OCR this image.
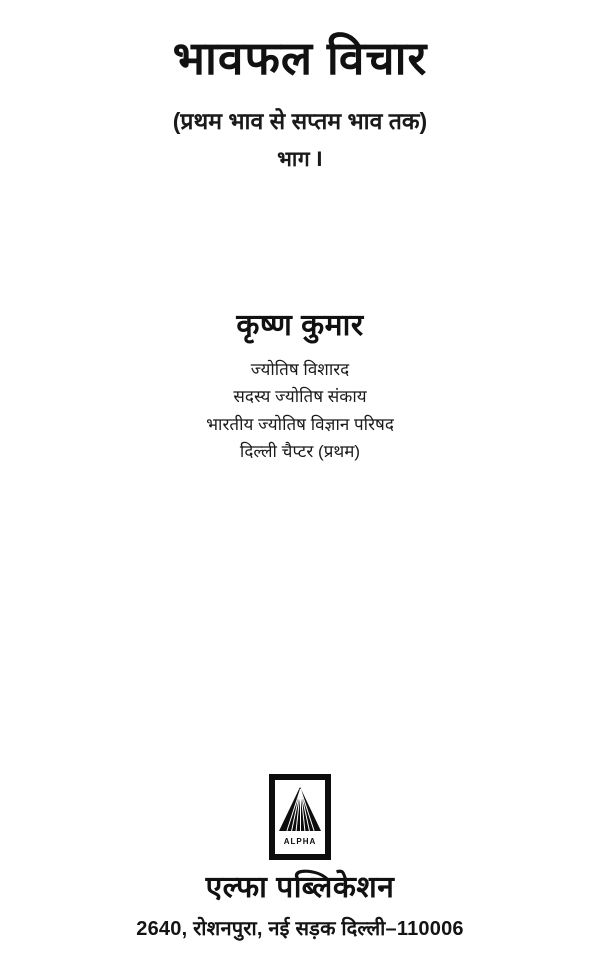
भावफल विचार
(प्रथम भाव से सप्तम भाव तक)
भाग I
कृष्ण कुमार
ज्योतिष विशारद
सदस्य ज्योतिष संकाय
भारतीय ज्योतिष विज्ञान परिषद
दिल्ली चैप्टर (प्रथम)
ALPHA
एल्फा पब्लिकेशन
2640, रोशनपुरा, नई सड़क दिल्ली–110006
